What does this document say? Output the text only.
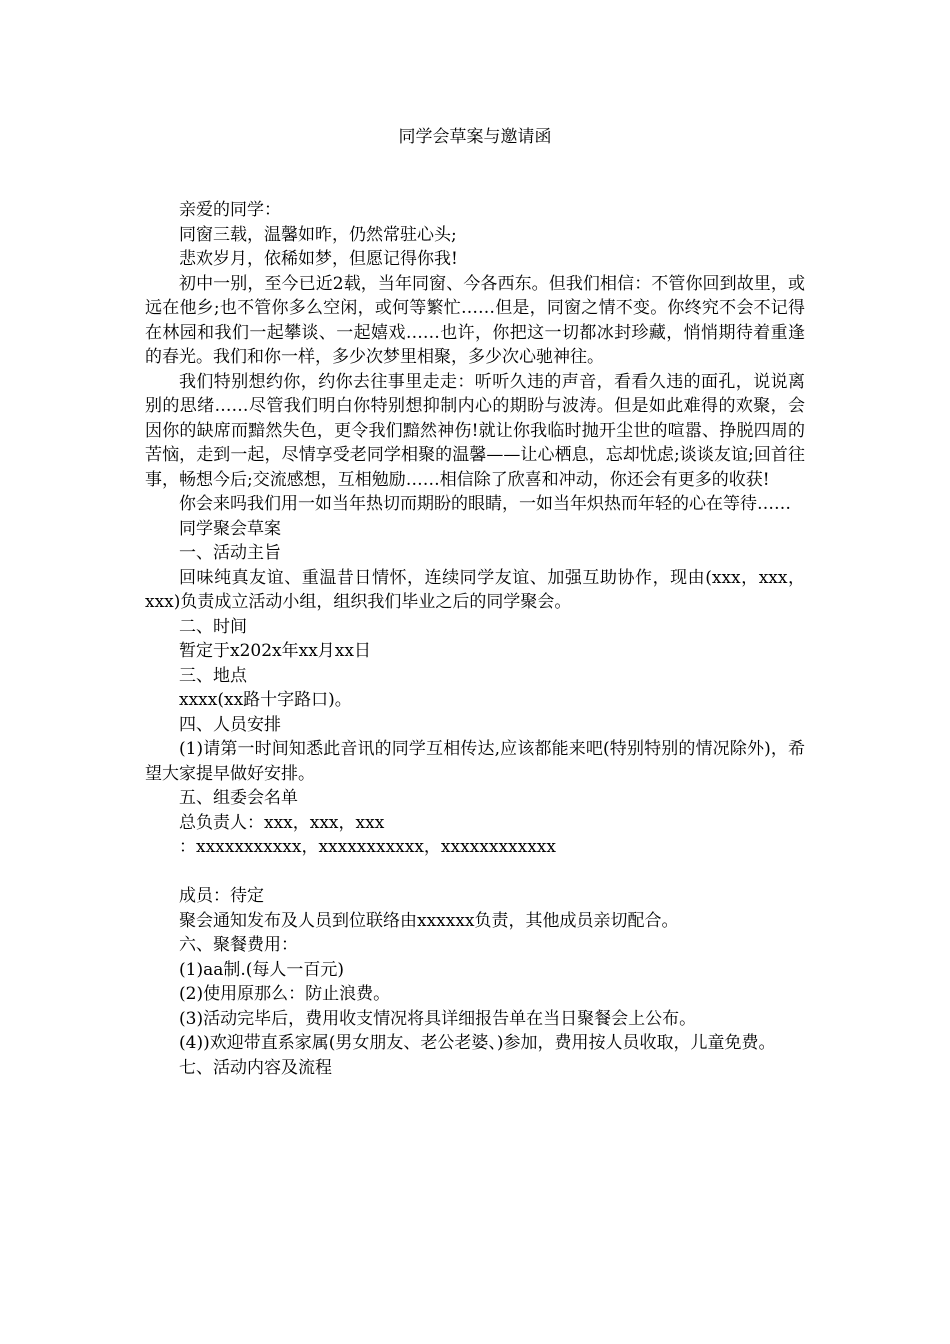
同学会草案与邀请函

亲爱的同学：

同窗三载，温馨如昨，仍然常驻心头;

悲欢岁月，依稀如梦，但愿记得你我!

初中一别，至今已近2载，当年同窗、今各西东。但我们相信：不管你回到故里，或远在他乡;也不管你多么空闲，或何等繁忙……但是，同窗之情不变。你终究不会不记得在林园和我们一起攀谈、一起嬉戏……也许，你把这一切都冰封珍藏，悄悄期待着重逢的春光。我们和你一样，多少次梦里相聚，多少次心驰神往。

我们特别想约你，约你去往事里走走：听听久违的声音，看看久违的面孔，说说离别的思绪……尽管我们明白你特别想抑制内心的期盼与波涛。但是如此难得的欢聚，会因你的缺席而黯然失色，更令我们黯然神伤!就让你我临时抛开尘世的喧嚣、挣脱四周的苦恼，走到一起，尽情享受老同学相聚的温馨——让心栖息，忘却忧虑;谈谈友谊;回首往事，畅想今后;交流感想，互相勉励……相信除了欣喜和冲动，你还会有更多的收获!

你会来吗我们用一如当年热切而期盼的眼睛，一如当年炽热而年轻的心在等待……

同学聚会草案

一、活动主旨

回味纯真友谊、重温昔日情怀，连续同学友谊、加强互助协作，现由(xxx，xxx，xxx)负责成立活动小组，组织我们毕业之后的同学聚会。

二、时间

暂定于x202x年xx月xx日

三、地点

xxxx(xx路十字路口)。

四、人员安排

(1)请第一时间知悉此音讯的同学互相传达,应该都能来吧(特别特别的情况除外)，希望大家提早做好安排。

五、组委会名单

总负责人：xxx，xxx，xxx

：xxxxxxxxxxx，xxxxxxxxxxx，xxxxxxxxxxxx

成员：待定

聚会通知发布及人员到位联络由xxxxxx负责，其他成员亲切配合。

六、聚餐费用：

(1)aa制.(每人一百元)

(2)使用原那么：防止浪费。

(3)活动完毕后，费用收支情况将具详细报告单在当日聚餐会上公布。

(4))欢迎带直系家属(男女朋友、老公老婆、)参加，费用按人员收取，儿童免费。

七、活动内容及流程
